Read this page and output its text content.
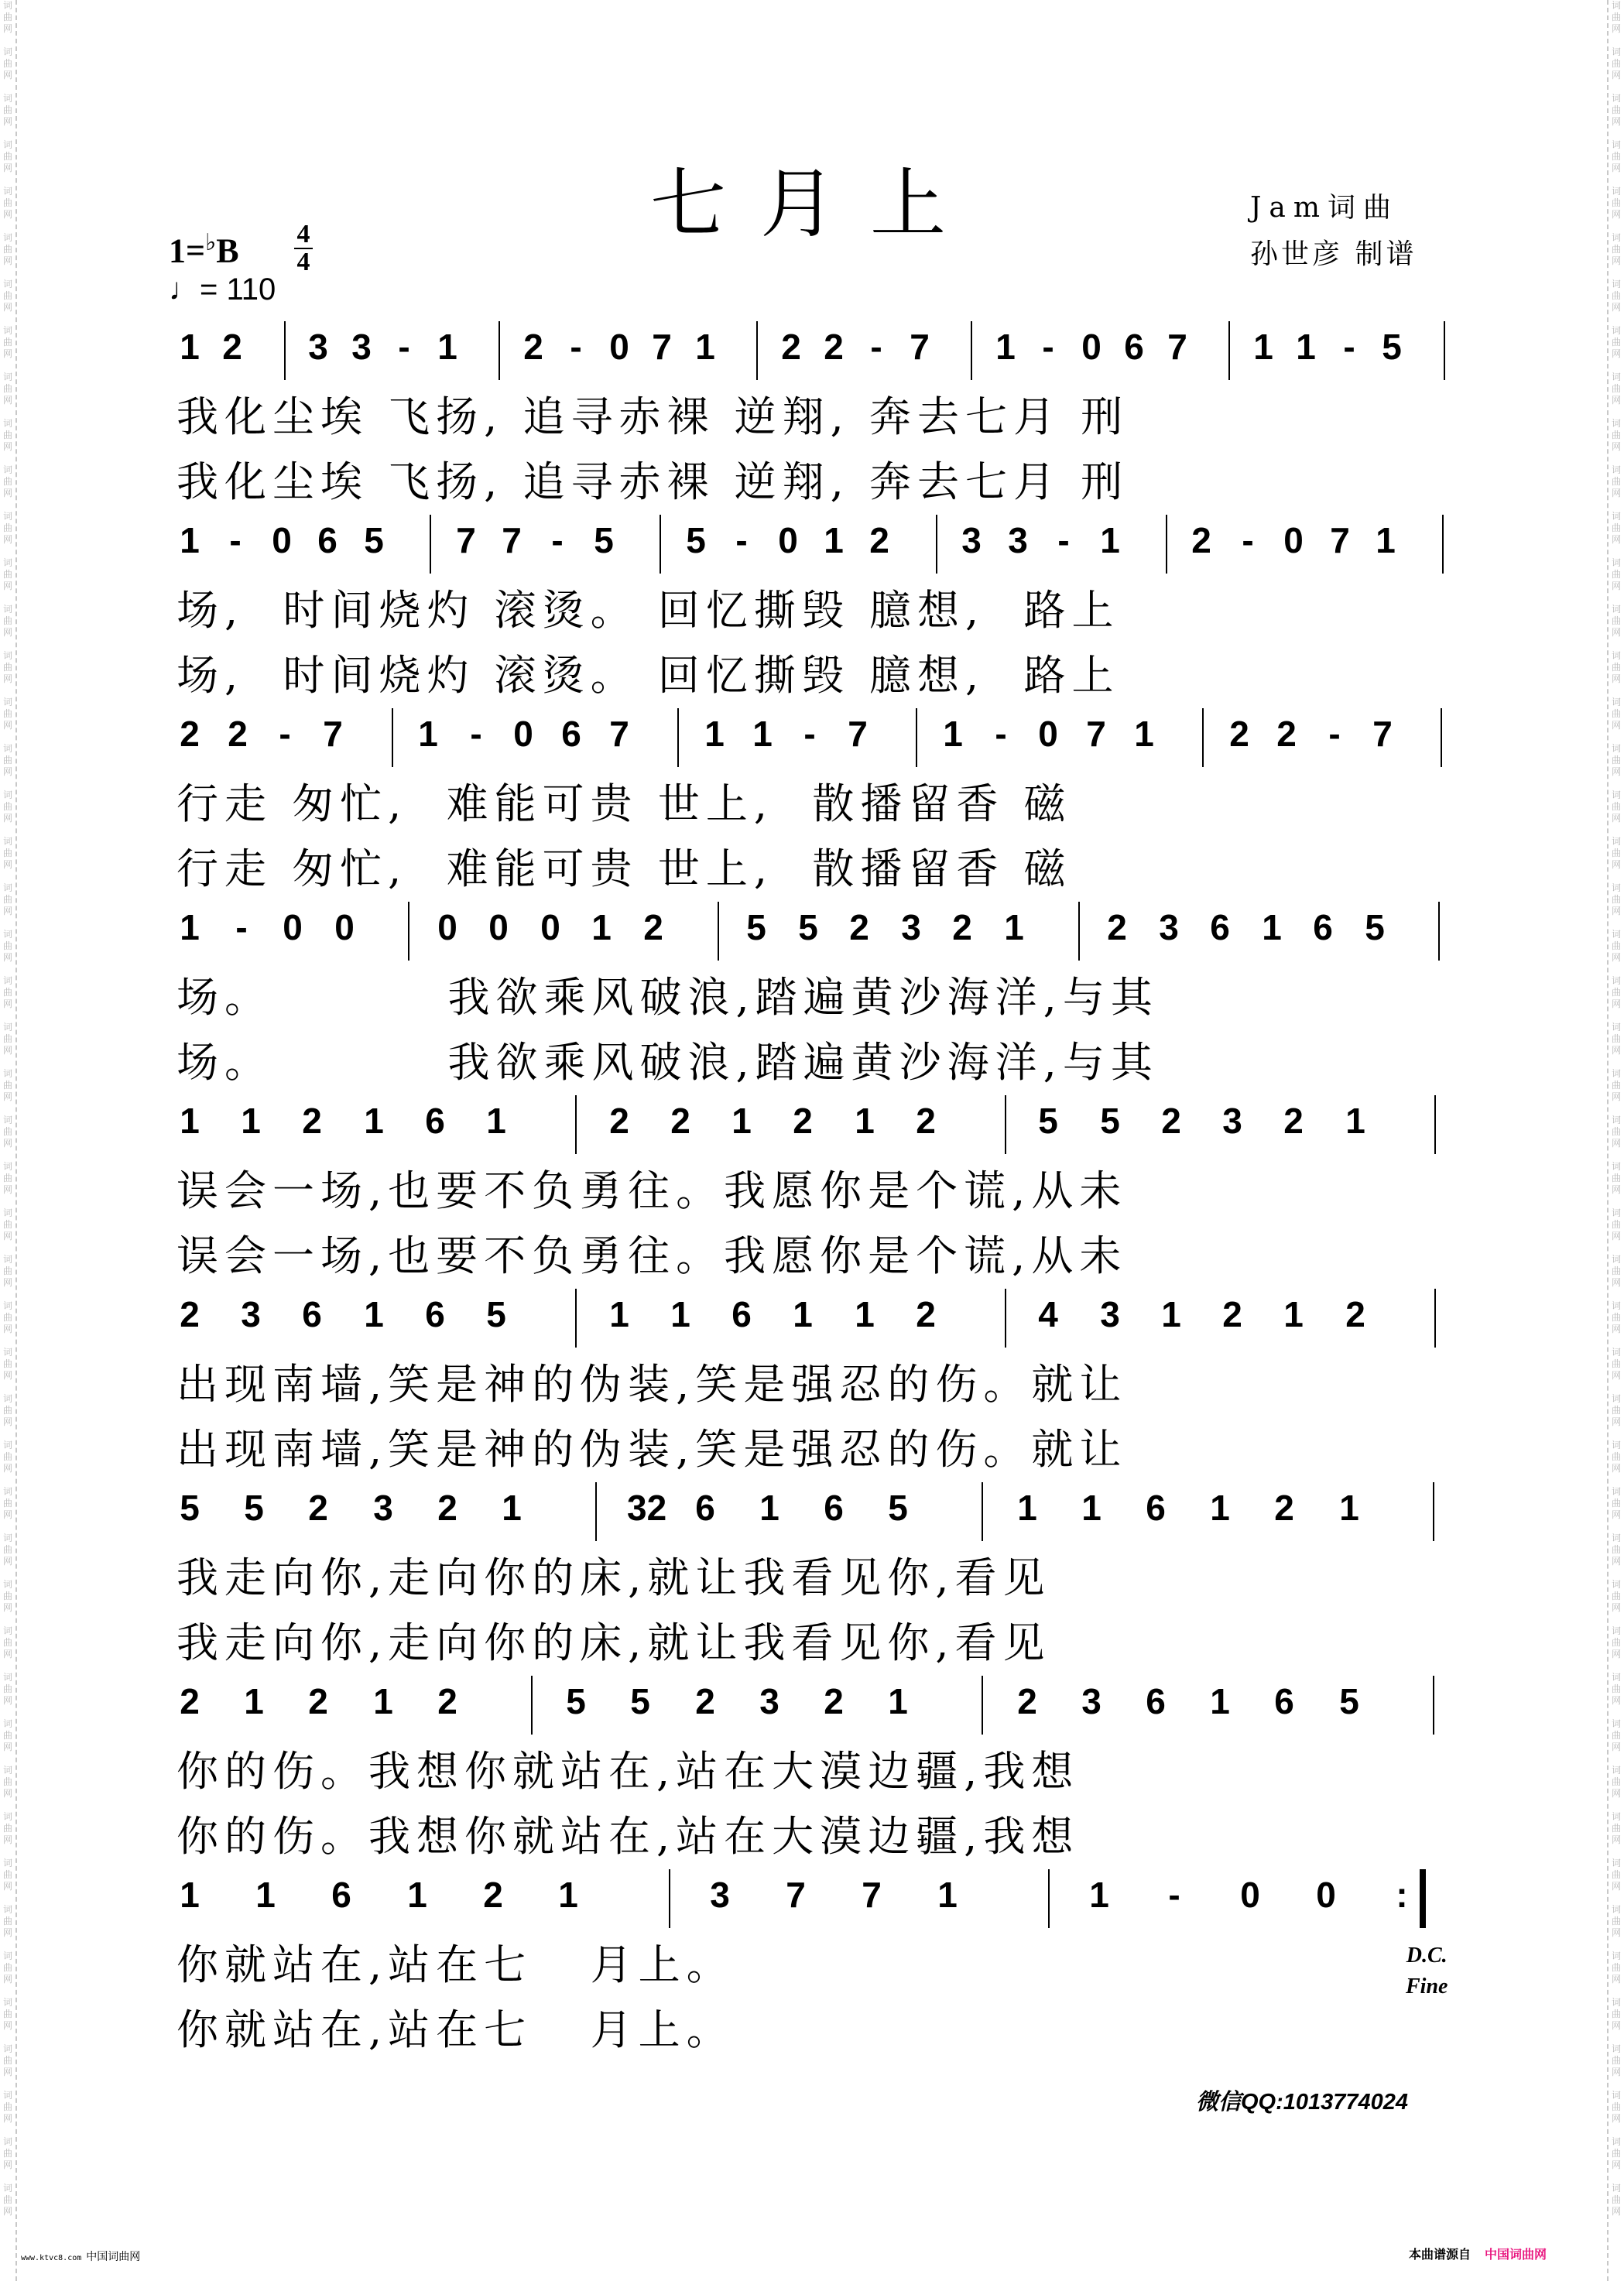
词
曲
网
词
曲
网
词
曲
网
词
曲
网
词
曲
网
词
曲
网
词
曲
网
词
曲
网
词
曲
网
词
曲
网
词
曲
网
词
曲
网
词
曲
网
词
曲
网
词
曲
网
词
曲
网
词
曲
网
词
曲
网
词
曲
网
词
曲
网
词
曲
网
词
曲
网
词
曲
网
词
曲
网
词
曲
网
词
曲
网
词
曲
网
词
曲
网
词
曲
网
词
曲
网
词
曲
网
词
曲
网
词
曲
网
词
曲
网
词
曲
网
词
曲
网
词
曲
网
词
曲
网
词
曲
网
词
曲
网
词
曲
网
词
曲
网
词
曲
网
词
曲
网
词
曲
网
词
曲
网
词
曲
网
词
曲
网
词
曲
网
词
曲
网
词
曲
网
词
曲
网
词
曲
网
词
曲
网
词
曲
网
词
曲
网
词
曲
网
词
曲
网
词
曲
网
词
曲
网
词
曲
网
词
曲
网
词
曲
网
词
曲
网
词
曲
网
词
曲
网
词
曲
网
词
曲
网
词
曲
网
词
曲
网
词
曲
网
词
曲
网
词
曲
网
词
曲
网
词
曲
网
词
曲
网
词
曲
网
词
曲
网
词
曲
网
词
曲
网
词
曲
网
词
曲
网
词
曲
网
词
曲
网
词
曲
网
词
曲
网
词
曲
网
词
曲
网
词
曲
网
词
曲
网
词
曲
网
词
曲
网
词
曲
网
词
曲
网
词
曲
网
词
曲
网
七月上	Jam词曲
孙世彦 制谱
1=♭B 4
4
♩= 110
1 2 3 3 - 1 2 - 0 7 1 2 2 - 7 1 - 0 6 7 1 1 - 5
我化尘埃 飞扬, 追寻赤裸 逆翔, 奔去七月 刑
我化尘埃 飞扬, 追寻赤裸 逆翔, 奔去七月 刑
1 - 0 6 5 7 7 - 5 5 - 0 1 2 3 3 - 1 2 - 0 7 1
场,  时间烧灼 滚烫。 回忆撕毁 臆想,  路上
场,  时间烧灼 滚烫。 回忆撕毁 臆想,  路上
2 2 - 7 1 - 0 6 7 1 1 - 7 1 - 0 7 1 2 2 - 7
行走 匆忙,  难能可贵 世上,  散播留香 磁
行走 匆忙,  难能可贵 世上,  散播留香 磁
1 - 0 0 0 0 0 1 2 5 5 2 3 2 1 2 3 6 1 6 5
场。         我欲乘风破浪,踏遍黄沙海洋,与其
场。         我欲乘风破浪,踏遍黄沙海洋,与其
1 1 2 1 6 1	2 2 1 2 1 2	5 5 2 3 2 1
误会一场,也要不负勇往。我愿你是个谎,从未
误会一场,也要不负勇往。我愿你是个谎,从未
2 3 6 1 6 5	1 1 6 1 1 2	4 3 1 2 1 2
出现南墙,笑是神的伪装,笑是强忍的伤。就让
出现南墙,笑是神的伪装,笑是强忍的伤。就让
5 5 2 3 2 1	32 6 1 6 5	1 1 6 1 2 1
我走向你,走向你的床,就让我看见你,看见
我走向你,走向你的床,就让我看见你,看见
2 1 2 1 2	5 5 2 3 2 1	2 3 6 1 6 5
你的伤。我想你就站在,站在大漠边疆,我想
你的伤。我想你就站在,站在大漠边疆,我想
1 1 6 1 2 1	3 7 7 1	1 - 0 0 :
你就站在,站在七   月上。
你就站在,站在七   月上。
D.C.
Fine
微信QQ:1013774024
本曲谱源自 中国词曲网
www.ktvc8.com 中国词曲网
